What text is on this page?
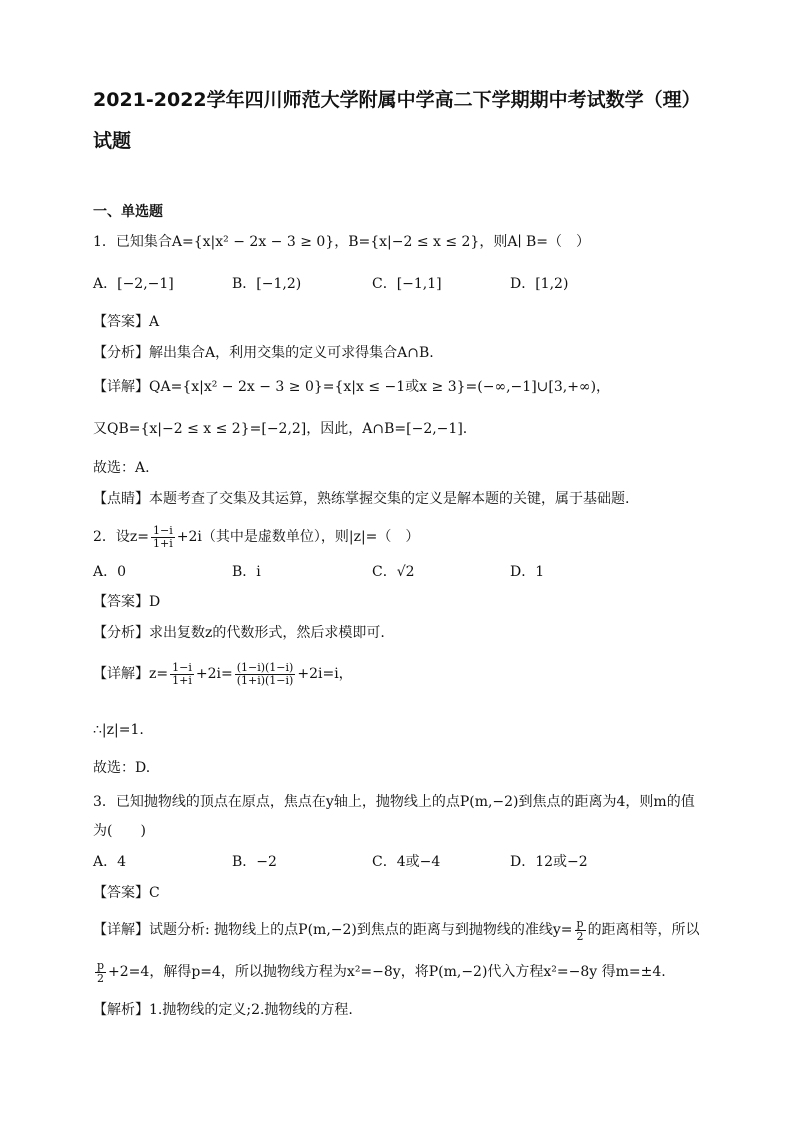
2021-2022学年四川师范大学附属中学高二下学期期中考试数学（理）
试题
一、单选题
1．已知集合A={x|x² − 2x − 3 ≥ 0}，B={x|−2 ≤ x ≤ 2}，则A∣ B=（　）
A．[−2,−1]	B．[−1,2)	C．[−1,1]	D．[1,2)
【答案】A
【分析】解出集合A，利用交集的定义可求得集合A∩B.
【详解】QA={x|x² − 2x − 3 ≥ 0}={x|x ≤ −1或x ≥ 3}=(−∞,−1]∪[3,+∞)，
又QB={x|−2 ≤ x ≤ 2}=[−2,2]，因此，A∩B=[−2,−1].
故选：A.
【点睛】本题考查了交集及其运算，熟练掌握交集的定义是解本题的关键，属于基础题.
2．设$z= \frac{1-i}{1+i} +2i$（其中是虚数单位），则|z|=（　）
A．0	B．i	C．√2	D．1
【答案】D
【分析】求出复数z的代数形式，然后求模即可.
【详解】$z= \frac{1-i}{1+i} +2i= \frac{(1-i)(1-i)}{(1+i)(1-i)} +2i=i$，
∴|z|=1.
故选：D.
3．已知抛物线的顶点在原点，焦点在y轴上，抛物线上的点P(m,−2)到焦点的距离为4，则m的值
为(　　)
A．4	B．−2	C．4或−4	D．12或−2
【答案】C
【详解】试题分析: 抛物线上的点P(m,−2)到焦点的距离与到抛物线的准线$y= \frac{p}{2}$ 的距离相等，所以
$\frac{p}{2} +2=4$，解得p=4，所以抛物线方程为x²=−8y，将P(m,−2)代入方程x²=−8y 得m=±4.
【解析】1.抛物线的定义;2.抛物线的方程.
